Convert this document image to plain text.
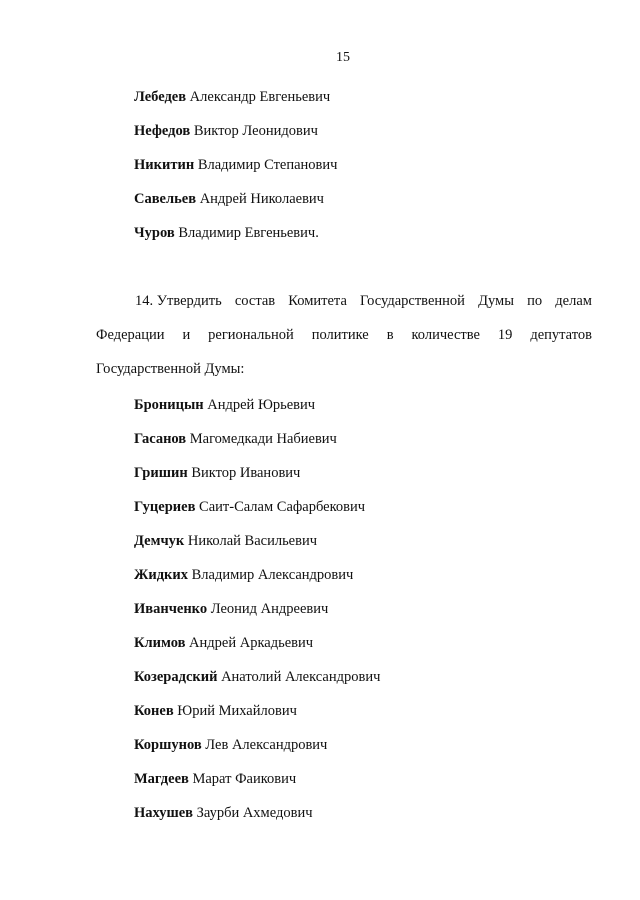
15
Лебедев Александр Евгеньевич
Нефедов Виктор Леонидович
Никитин Владимир Степанович
Савельев Андрей Николаевич
Чуров Владимир Евгеньевич.
14. Утвердить состав Комитета Государственной Думы по делам
Федерации и региональной политике в количестве 19 депутатов
Государственной Думы:
Броницын Андрей Юрьевич
Гасанов Магомедкади Набиевич
Гришин Виктор Иванович
Гуцериев Саит-Салам Сафарбекович
Демчук Николай Васильевич
Жидких Владимир Александрович
Иванченко Леонид Андреевич
Климов Андрей Аркадьевич
Козерадский Анатолий Александрович
Конев Юрий Михайлович
Коршунов Лев Александрович
Магдеев Марат Фаикович
Нахушев Заурби Ахмедович
